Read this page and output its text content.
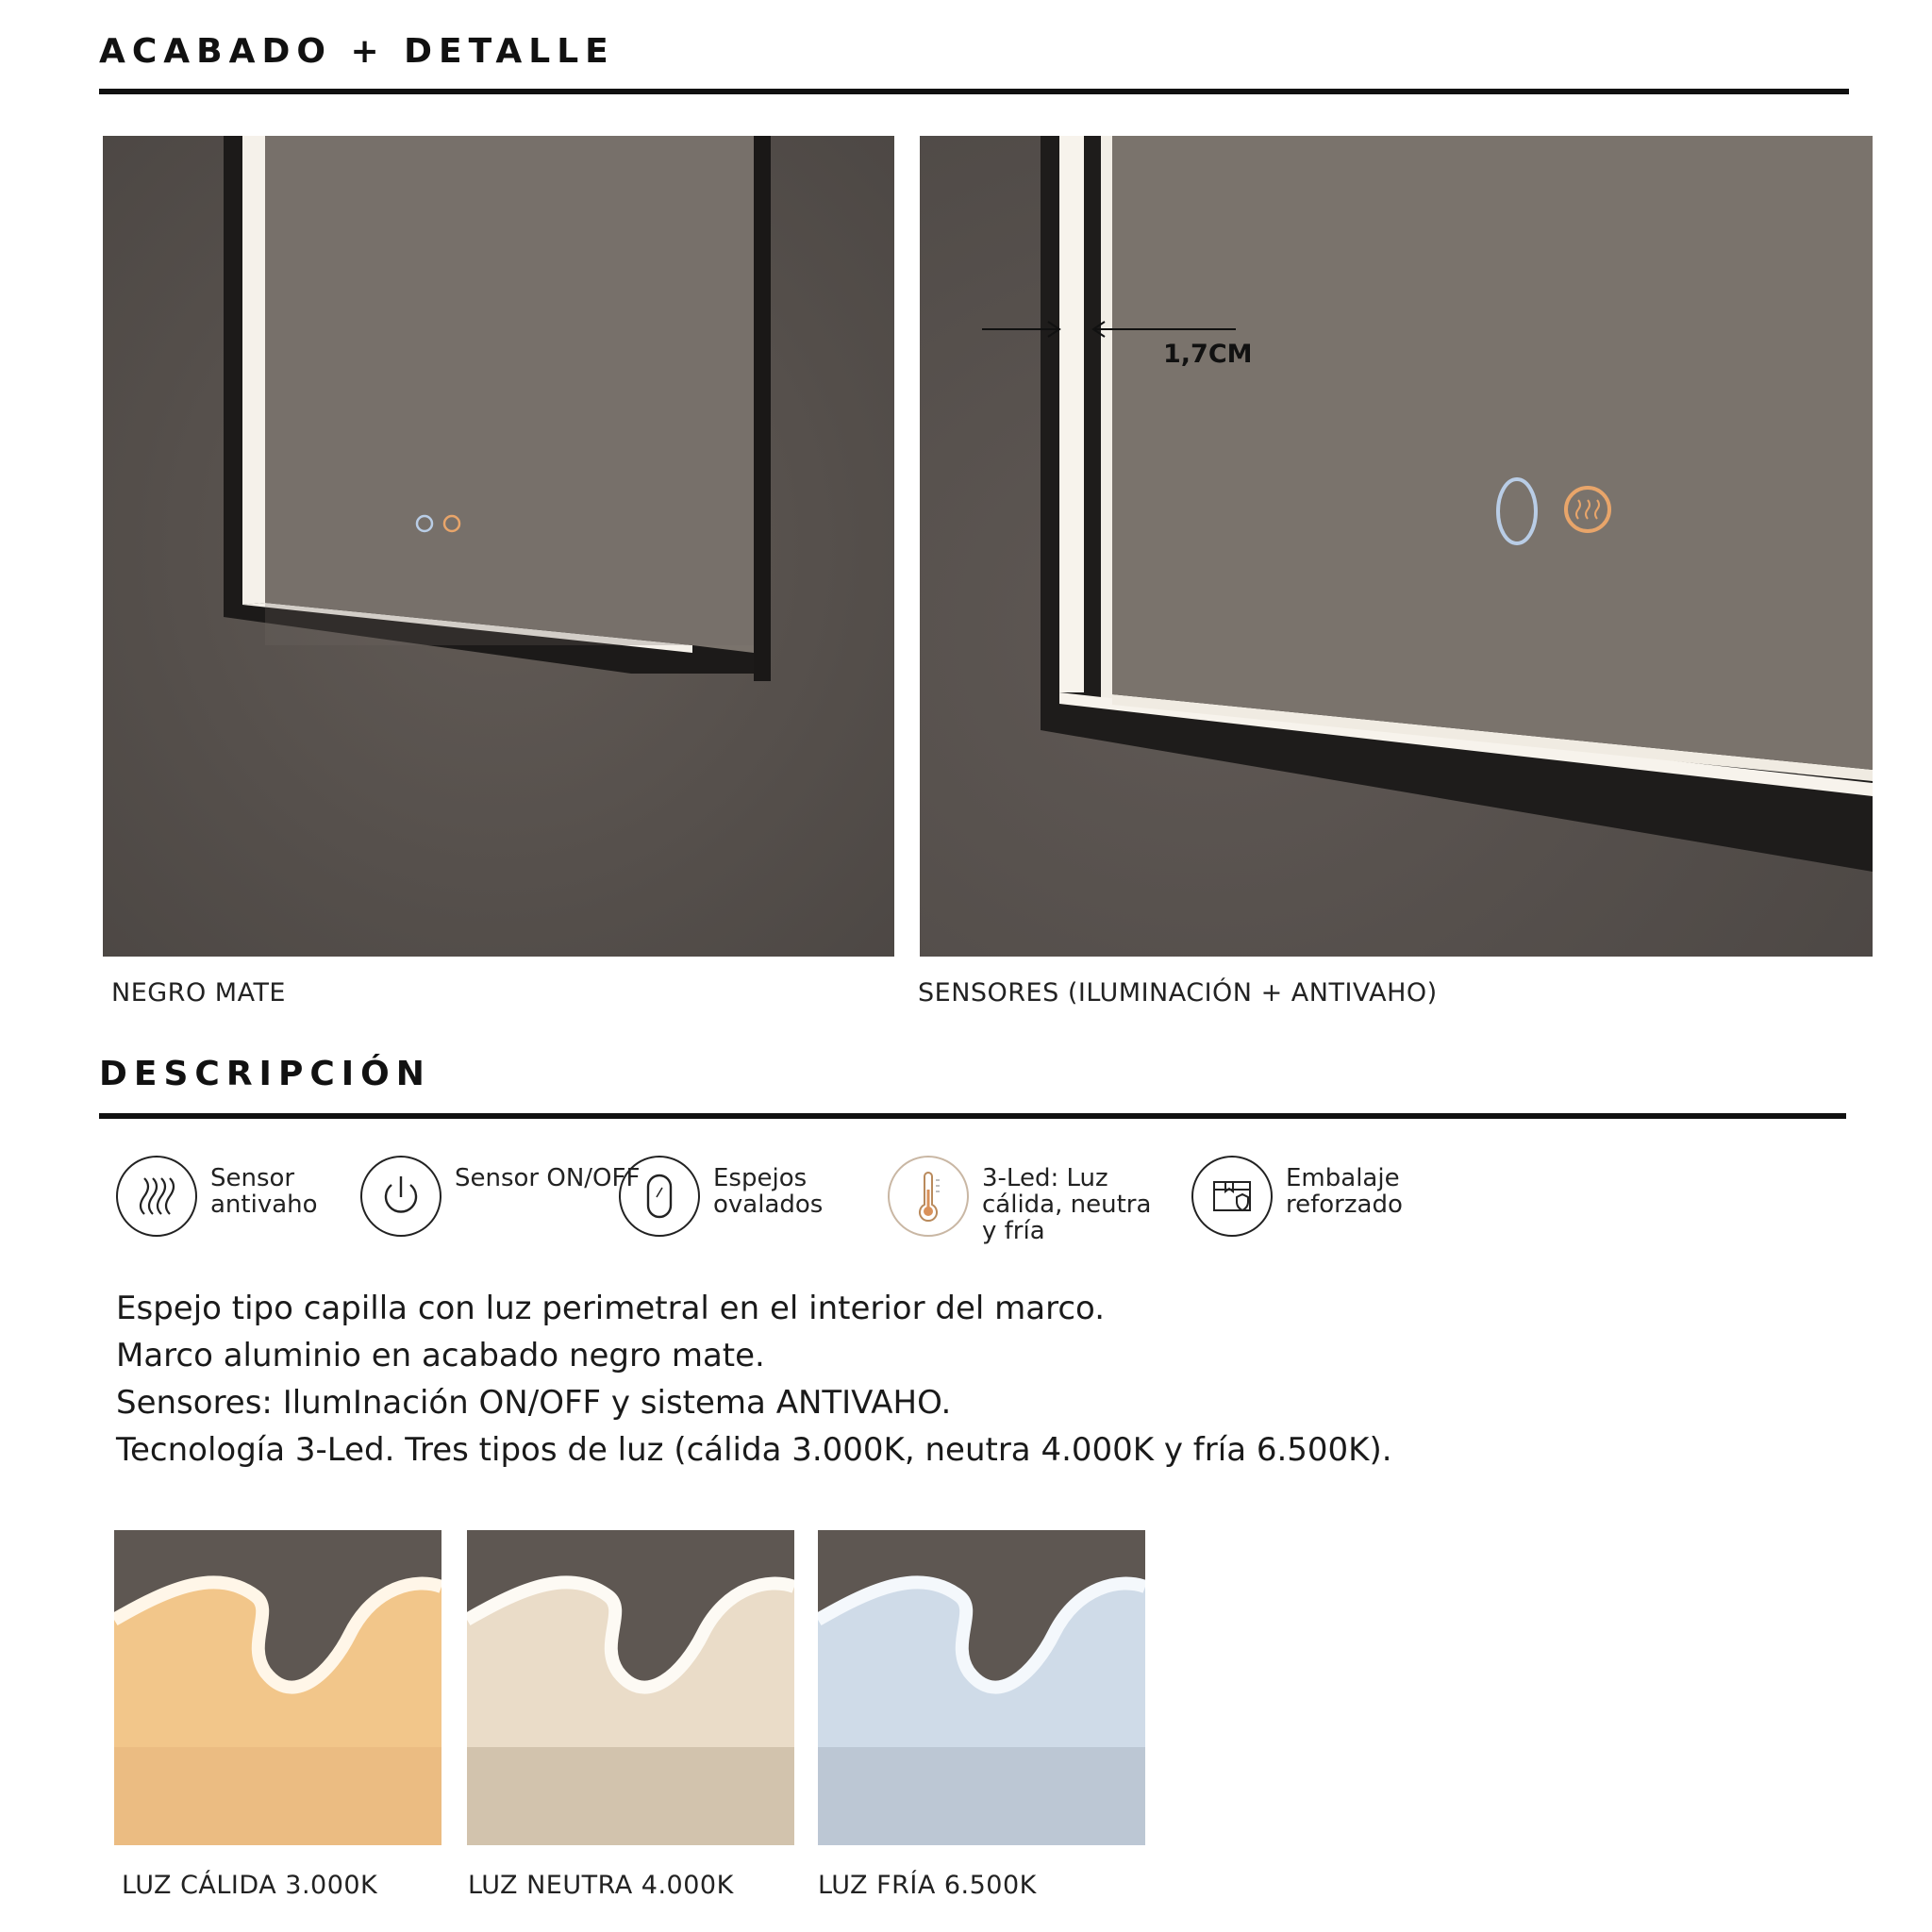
ACABADO + DETALLE
NEGRO MATE
1,7CM
SENSORES (ILUMINACIÓN + ANTIVAHO)
DESCRIPCIÓN
Sensor antivaho
Sensor ON/OFF	Espejos ovalados
3-Led: Luz cálida, neutra y fría
Embalaje reforzado
Espejo tipo capilla con luz perimetral en el interior del marco.
Marco aluminio en acabado negro mate.
Sensores: IlumInación ON/OFF y sistema ANTIVAHO.
Tecnología 3-Led. Tres tipos de luz (cálida 3.000K, neutra 4.000K y fría 6.500K).
LUZ CÁLIDA 3.000K	LUZ NEUTRA 4.000K	LUZ FRÍA 6.500K
